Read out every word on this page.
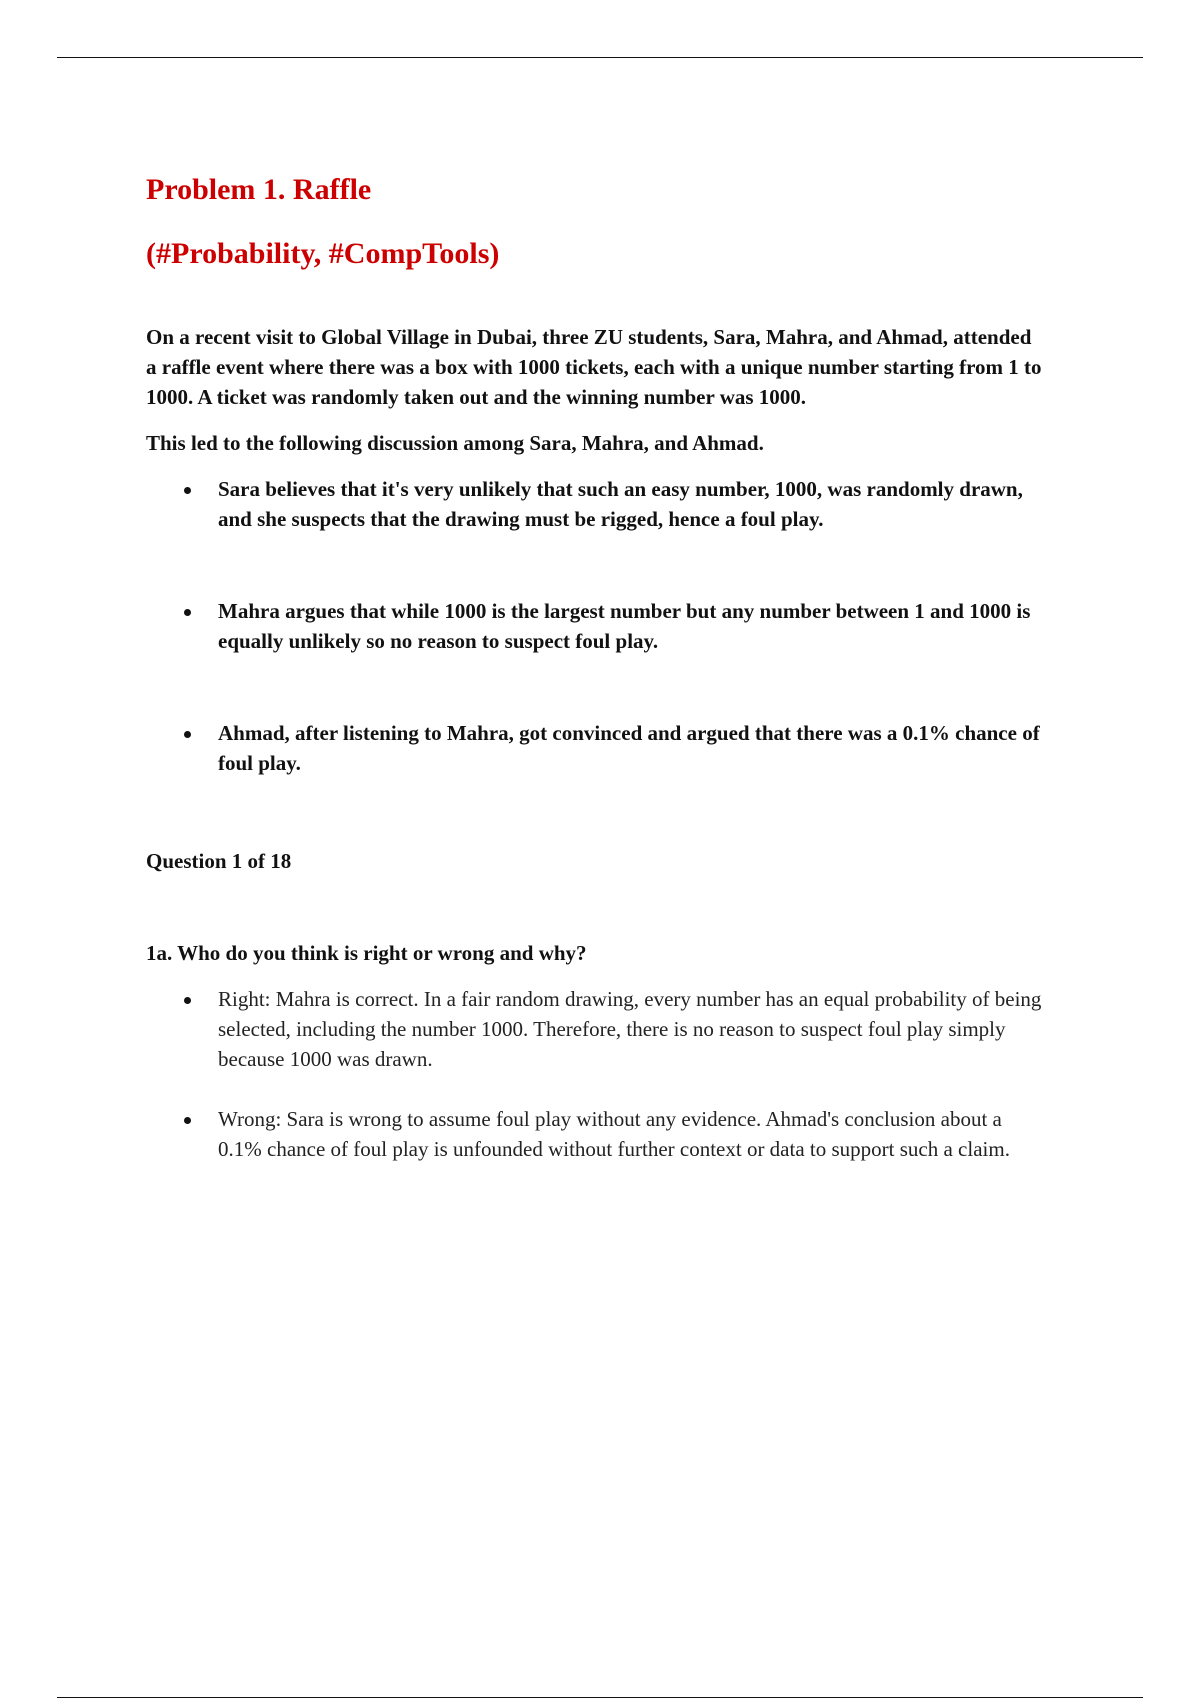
Problem 1. Raffle
(#Probability, #CompTools)

On a recent visit to Global Village in Dubai, three ZU students, Sara, Mahra, and Ahmad, attended a raffle event where there was a box with 1000 tickets, each with a unique number starting from 1 to 1000. A ticket was randomly taken out and the winning number was 1000.

This led to the following discussion among Sara, Mahra, and Ahmad.

Sara believes that it's very unlikely that such an easy number, 1000, was randomly drawn,
and she suspects that the drawing must be rigged, hence a foul play.
Mahra argues that while 1000 is the largest number but any number between 1 and 1000 is
equally unlikely so no reason to suspect foul play.
Ahmad, after listening to Mahra, got convinced and argued that there was a 0.1% chance of
foul play.

Question 1 of 18

1a. Who do you think is right or wrong and why?

Right: Mahra is correct. In a fair random drawing, every number has an equal probability of being selected, including the number 1000. Therefore, there is no reason to suspect foul play simply because 1000 was drawn.
Wrong: Sara is wrong to assume foul play without any evidence. Ahmad's conclusion about a 0.1% chance of foul play is unfounded without further context or data to support such a claim.
